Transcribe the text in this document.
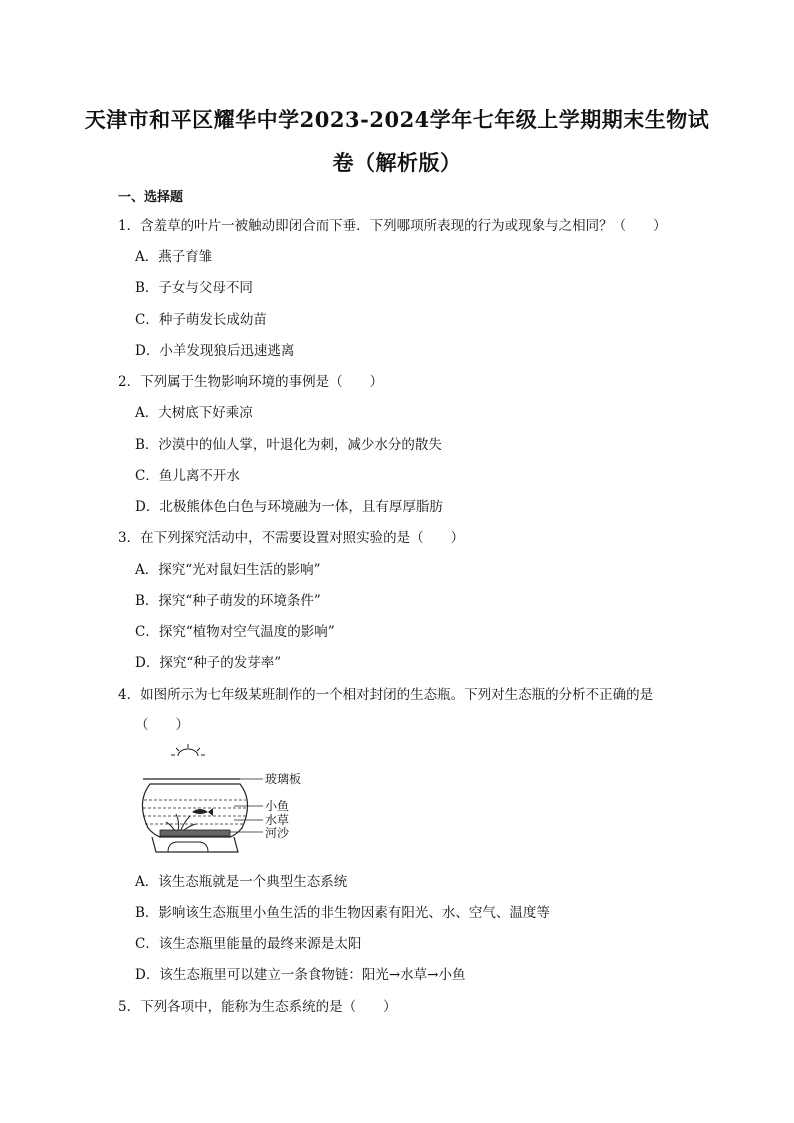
天津市和平区耀华中学2023-2024学年七年级上学期期末生物试
卷（解析版）
一、选择题
1．含羞草的叶片一被触动即闭合而下垂．下列哪项所表现的行为或现象与之相同？（　　）
A．燕子育雏
B．子女与父母不同
C．种子萌发长成幼苗
D．小羊发现狼后迅速逃离
2．下列属于生物影响环境的事例是（　　）
A．大树底下好乘凉
B．沙漠中的仙人掌，叶退化为刺，减少水分的散失
C．鱼儿离不开水
D．北极熊体色白色与环境融为一体，且有厚厚脂肪
3．在下列探究活动中，不需要设置对照实验的是（　　）
A．探究“光对鼠妇生活的影响”
B．探究“种子萌发的环境条件”
C．探究“植物对空气温度的影响”
D．探究“种子的发芽率”
4．如图所示为七年级某班制作的一个相对封闭的生态瓶。下列对生态瓶的分析不正确的是
（　　）
玻璃板
小鱼
水草
河沙
A．该生态瓶就是一个典型生态系统
B．影响该生态瓶里小鱼生活的非生物因素有阳光、水、空气、温度等
C．该生态瓶里能量的最终来源是太阳
D．该生态瓶里可以建立一条食物链：阳光→水草→小鱼
5．下列各项中，能称为生态系统的是（　　）
